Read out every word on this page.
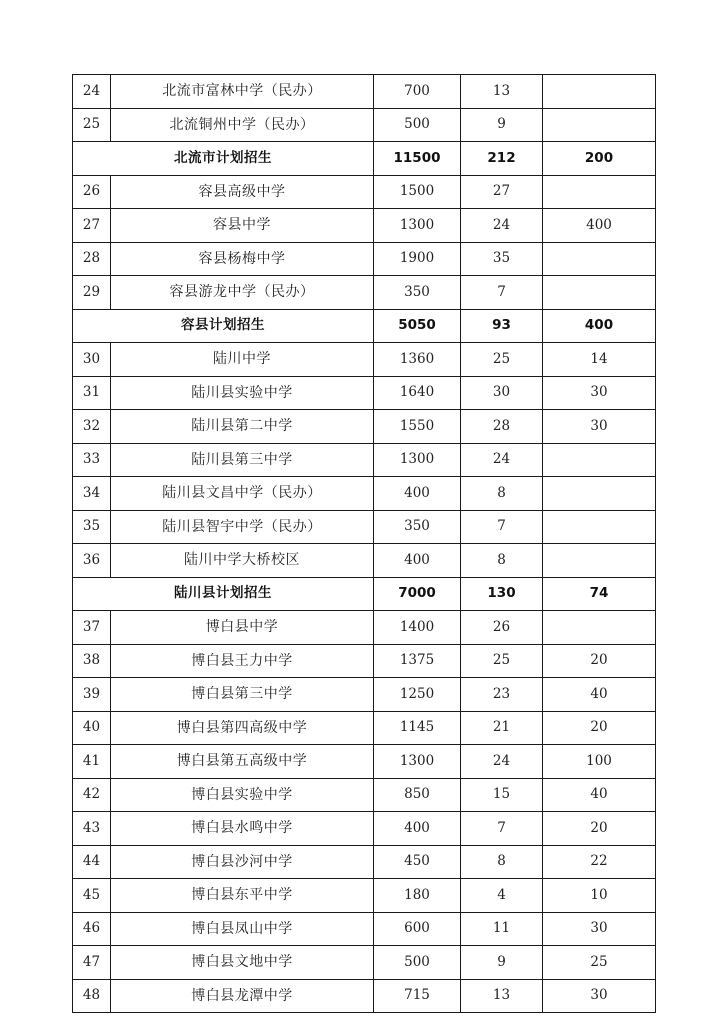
24	北流市富林中学（民办）	700	13	
25	北流铜州中学（民办）	500	9	
北流市计划招生		11500	212	200
26	容县高级中学	1500	27	
27	容县中学	1300	24	400
28	容县杨梅中学	1900	35	
29	容县游龙中学（民办）	350	7	
容县计划招生		5050	93	400
30	陆川中学	1360	25	14
31	陆川县实验中学	1640	30	30
32	陆川县第二中学	1550	28	30
33	陆川县第三中学	1300	24	
34	陆川县文昌中学（民办）	400	8	
35	陆川县智宇中学（民办）	350	7	
36	陆川中学大桥校区	400	8	
陆川县计划招生		7000	130	74
37	博白县中学	1400	26	
38	博白县王力中学	1375	25	20
39	博白县第三中学	1250	23	40
40	博白县第四高级中学	1145	21	20
41	博白县第五高级中学	1300	24	100
42	博白县实验中学	850	15	40
43	博白县水鸣中学	400	7	20
44	博白县沙河中学	450	8	22
45	博白县东平中学	180	4	10
46	博白县凤山中学	600	11	30
47	博白县文地中学	500	9	25
48	博白县龙潭中学	715	13	30
